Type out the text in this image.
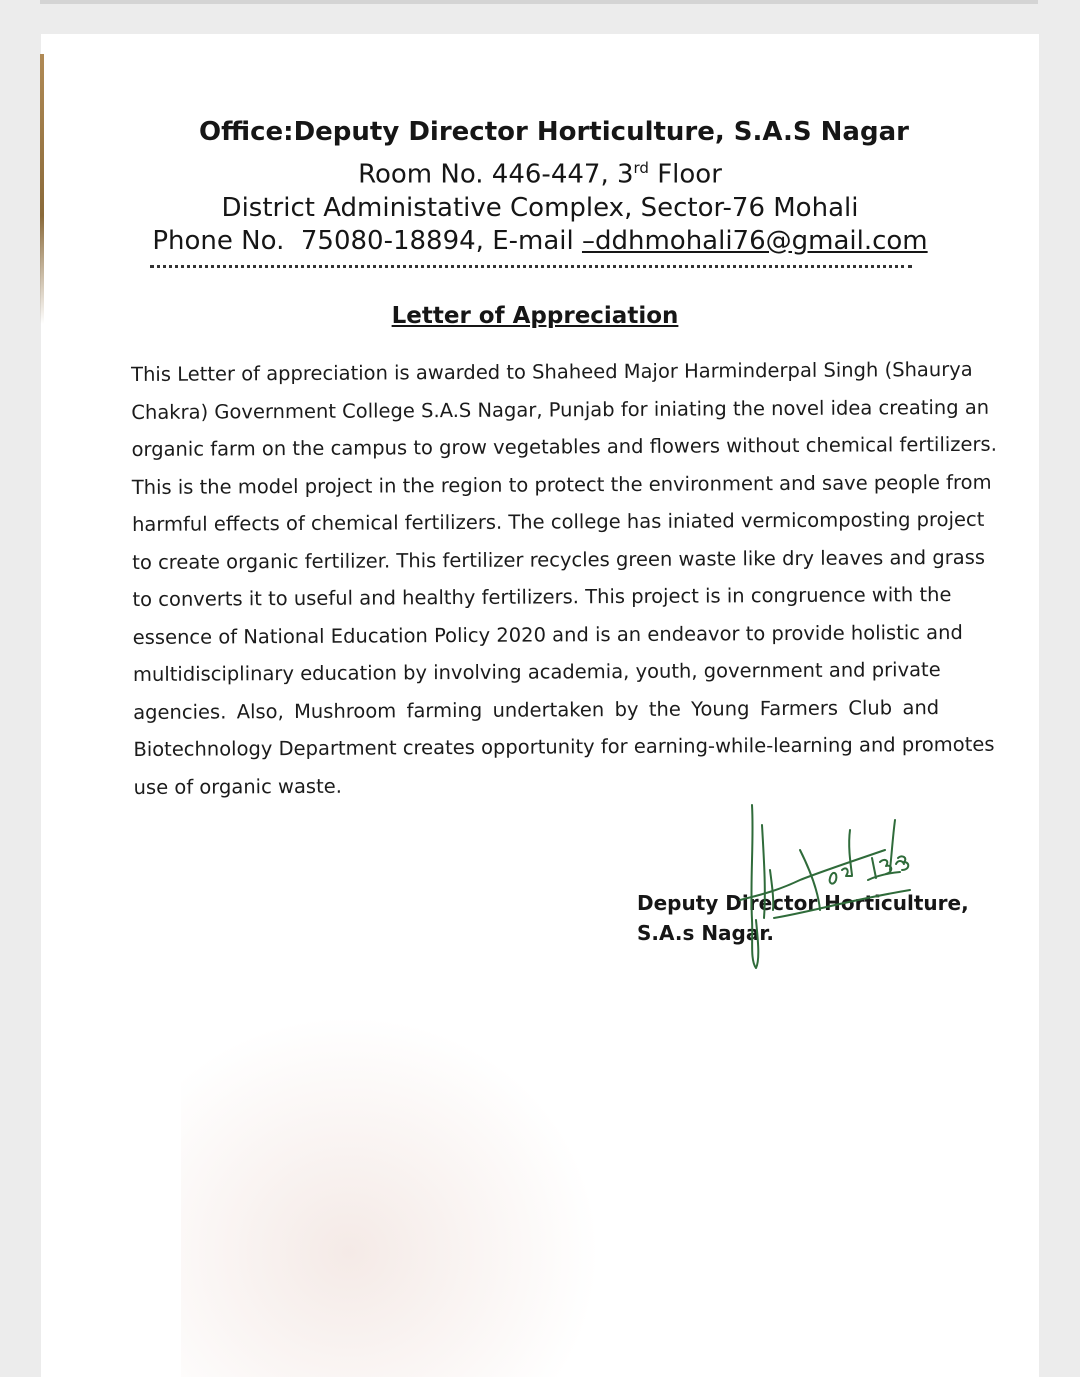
Office:Deputy Director Horticulture, S.A.S Nagar
Room No. 446-447, 3rd Floor
District Administative Complex, Sector-76 Mohali
Phone No.  75080-18894, E-mail –ddhmohali76@gmail.com
Letter of Appreciation
This Letter of appreciation is awarded to Shaheed Major Harminderpal Singh (Shaurya
Chakra) Government College S.A.S Nagar, Punjab for iniating the novel idea creating an
organic farm on the campus to grow vegetables and flowers without chemical fertilizers.
This is the model project in the region to protect the environment and save people from
harmful effects of chemical fertilizers. The college has iniated vermicomposting project
to create organic fertilizer. This fertilizer recycles green waste like dry leaves and grass
to converts it to useful and healthy fertilizers. This project is in congruence with the
essence of National Education Policy 2020 and is an endeavor to provide holistic and
multidisciplinary education by involving academia, youth, government and private
agencies. Also, Mushroom farming undertaken by the Young Farmers Club and
Biotechnology Department creates opportunity for earning-while-learning and promotes
use of organic waste.
Deputy Director Horticulture,
S.A.s Nagar.
